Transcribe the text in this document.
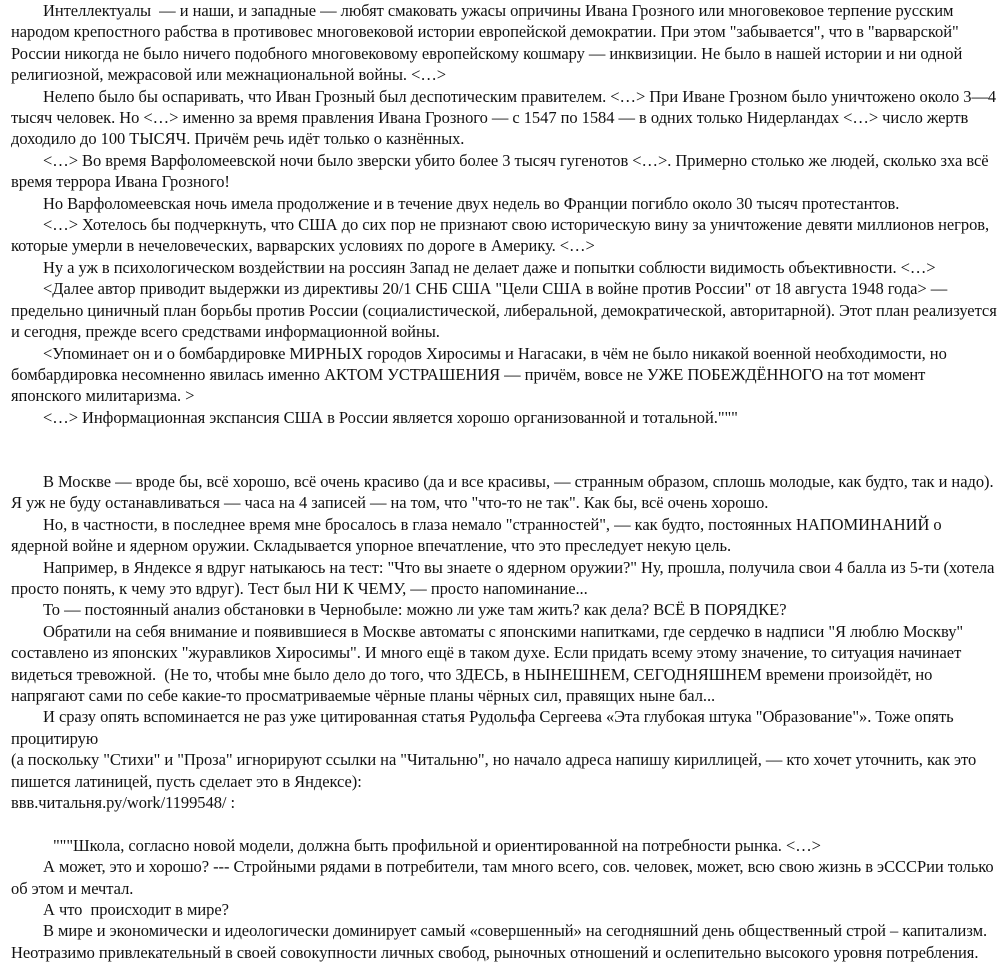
Интеллектуалы  — и наши, и западные — любят смаковать ужасы опричины Ивана Грозного или многовековое терпение русским народом крепостного рабства в противовес многовековой истории европейской демократии. При этом "забывается", что в "варварской" России никогда не было ничего подобного многовековому европейскому кошмару — инквизиции. Не было в нашей истории и ни одной религиозной, межрасовой или межнациональной войны. <…>

Нелепо было бы оспаривать, что Иван Грозный был деспотическим правителем. <…> При Иване Грозном было уничтожено около 3—4 тысяч человек. Но <…> именно за время правления Ивана Грозного — с 1547 по 1584 — в одних только Нидерландах <…> число жертв доходило до 100 ТЫСЯЧ. Причём речь идёт только о казнённых.

<…> Во время Варфоломеевской ночи было зверски убито более 3 тысяч гугенотов <…>. Примерно столько же людей, сколько зха всё время террора Ивана Грозного!

Но Варфоломеевская ночь имела продолжение и в течение двух недель во Франции погибло около 30 тысяч протестантов.

<…> Хотелось бы подчеркнуть, что США до сих пор не признают свою историческую вину за уничтожение девяти миллионов негров, которые умерли в нечеловеческих, варварских условиях по дороге в Америку. <…>

Ну а уж в психологическом воздействии на россиян Запад не делает даже и попытки соблюсти видимость объективности. <…>

<Далее автор приводит выдержки из директивы 20/1 СНБ США "Цели США в войне против России" от 18 августа 1948 года> — предельно циничный план борьбы против России (социалистической, либеральной, демократической, авторитарной). Этот план реализуется и сегодня, прежде всего средствами информационной войны.

<Упоминает он и о бомбардировке МИРНЫХ городов Хиросимы и Нагасаки, в чём не было никакой военной необходимости, но бомбардировка несомненно явилась именно АКТОМ УСТРАШЕНИЯ — причём, вовсе не УЖЕ ПОБЕЖДЁННОГО на тот момент японского милитаризма. >

<…> Информационная экспансия США в России является хорошо организованной и тотальной."""

В Москве — вроде бы, всё хорошо, всё очень красиво (да и все красивы, — странным образом, сплошь молодые, как будто, так и надо). Я уж не буду останавливаться — часа на 4 записей — на том, что "что-то не так". Как бы, всё очень хорошо.

Но, в частности, в последнее время мне бросалось в глаза немало "странностей", — как будто, постоянных НАПОМИНАНИЙ о ядерной войне и ядерном оружии. Складывается упорное впечатление, что это преследует некую цель.

Например, в Яндексе я вдруг натыкаюсь на тест: "Что вы знаете о ядерном оружии?" Ну, прошла, получила свои 4 балла из 5-ти (хотела просто понять, к чему это вдруг). Тест был НИ К ЧЕМУ, — просто напоминание...

То — постоянный анализ обстановки в Чернобыле: можно ли уже там жить? как дела? ВСЁ В ПОРЯДКЕ?

Обратили на себя внимание и появившиеся в Москве автоматы с японскими напитками, где сердечко в надписи "Я люблю Москву" составлено из японских "журавликов Хиросимы". И много ещё в таком духе. Если придать всему этому значение, то ситуация начинает видеться тревожной.  (Не то, чтобы мне было дело до того, что ЗДЕСЬ, в НЫНЕШНЕМ, СЕГОДНЯШНЕМ времени произойдёт, но напрягают сами по себе какие-то просматриваемые чёрные планы чёрных сил, правящих ныне бал...

И сразу опять вспоминается не раз уже цитированная статья Рудольфа Сергеева «Эта глубокая штука "Образование"». Тоже опять процитирую

(а поскольку "Стихи" и "Проза" игнорируют ссылки на "Читальню", но начало адреса напишу кириллицей, — кто хочет уточнить, как это пишется латиницей, пусть сделает это в Яндексе):

ввв.читальня.ру/work/1199548/ :

"""Школа, согласно новой модели, должна быть профильной и ориентированной на потребности рынка. <…>

А может, это и хорошо? --- Стройными рядами в потребители, там много всего, сов. человек, может, всю свою жизнь в эСССРии только об этом и мечтал.

А что  происходит в мире?

В мире и экономически и идеологически доминирует самый «совершенный» на сегодняшний день общественный строй – капитализм. Неотразимо привлекательный в своей совокупности личных свобод, рыночных отношений и ослепительно высокого уровня потребления.
